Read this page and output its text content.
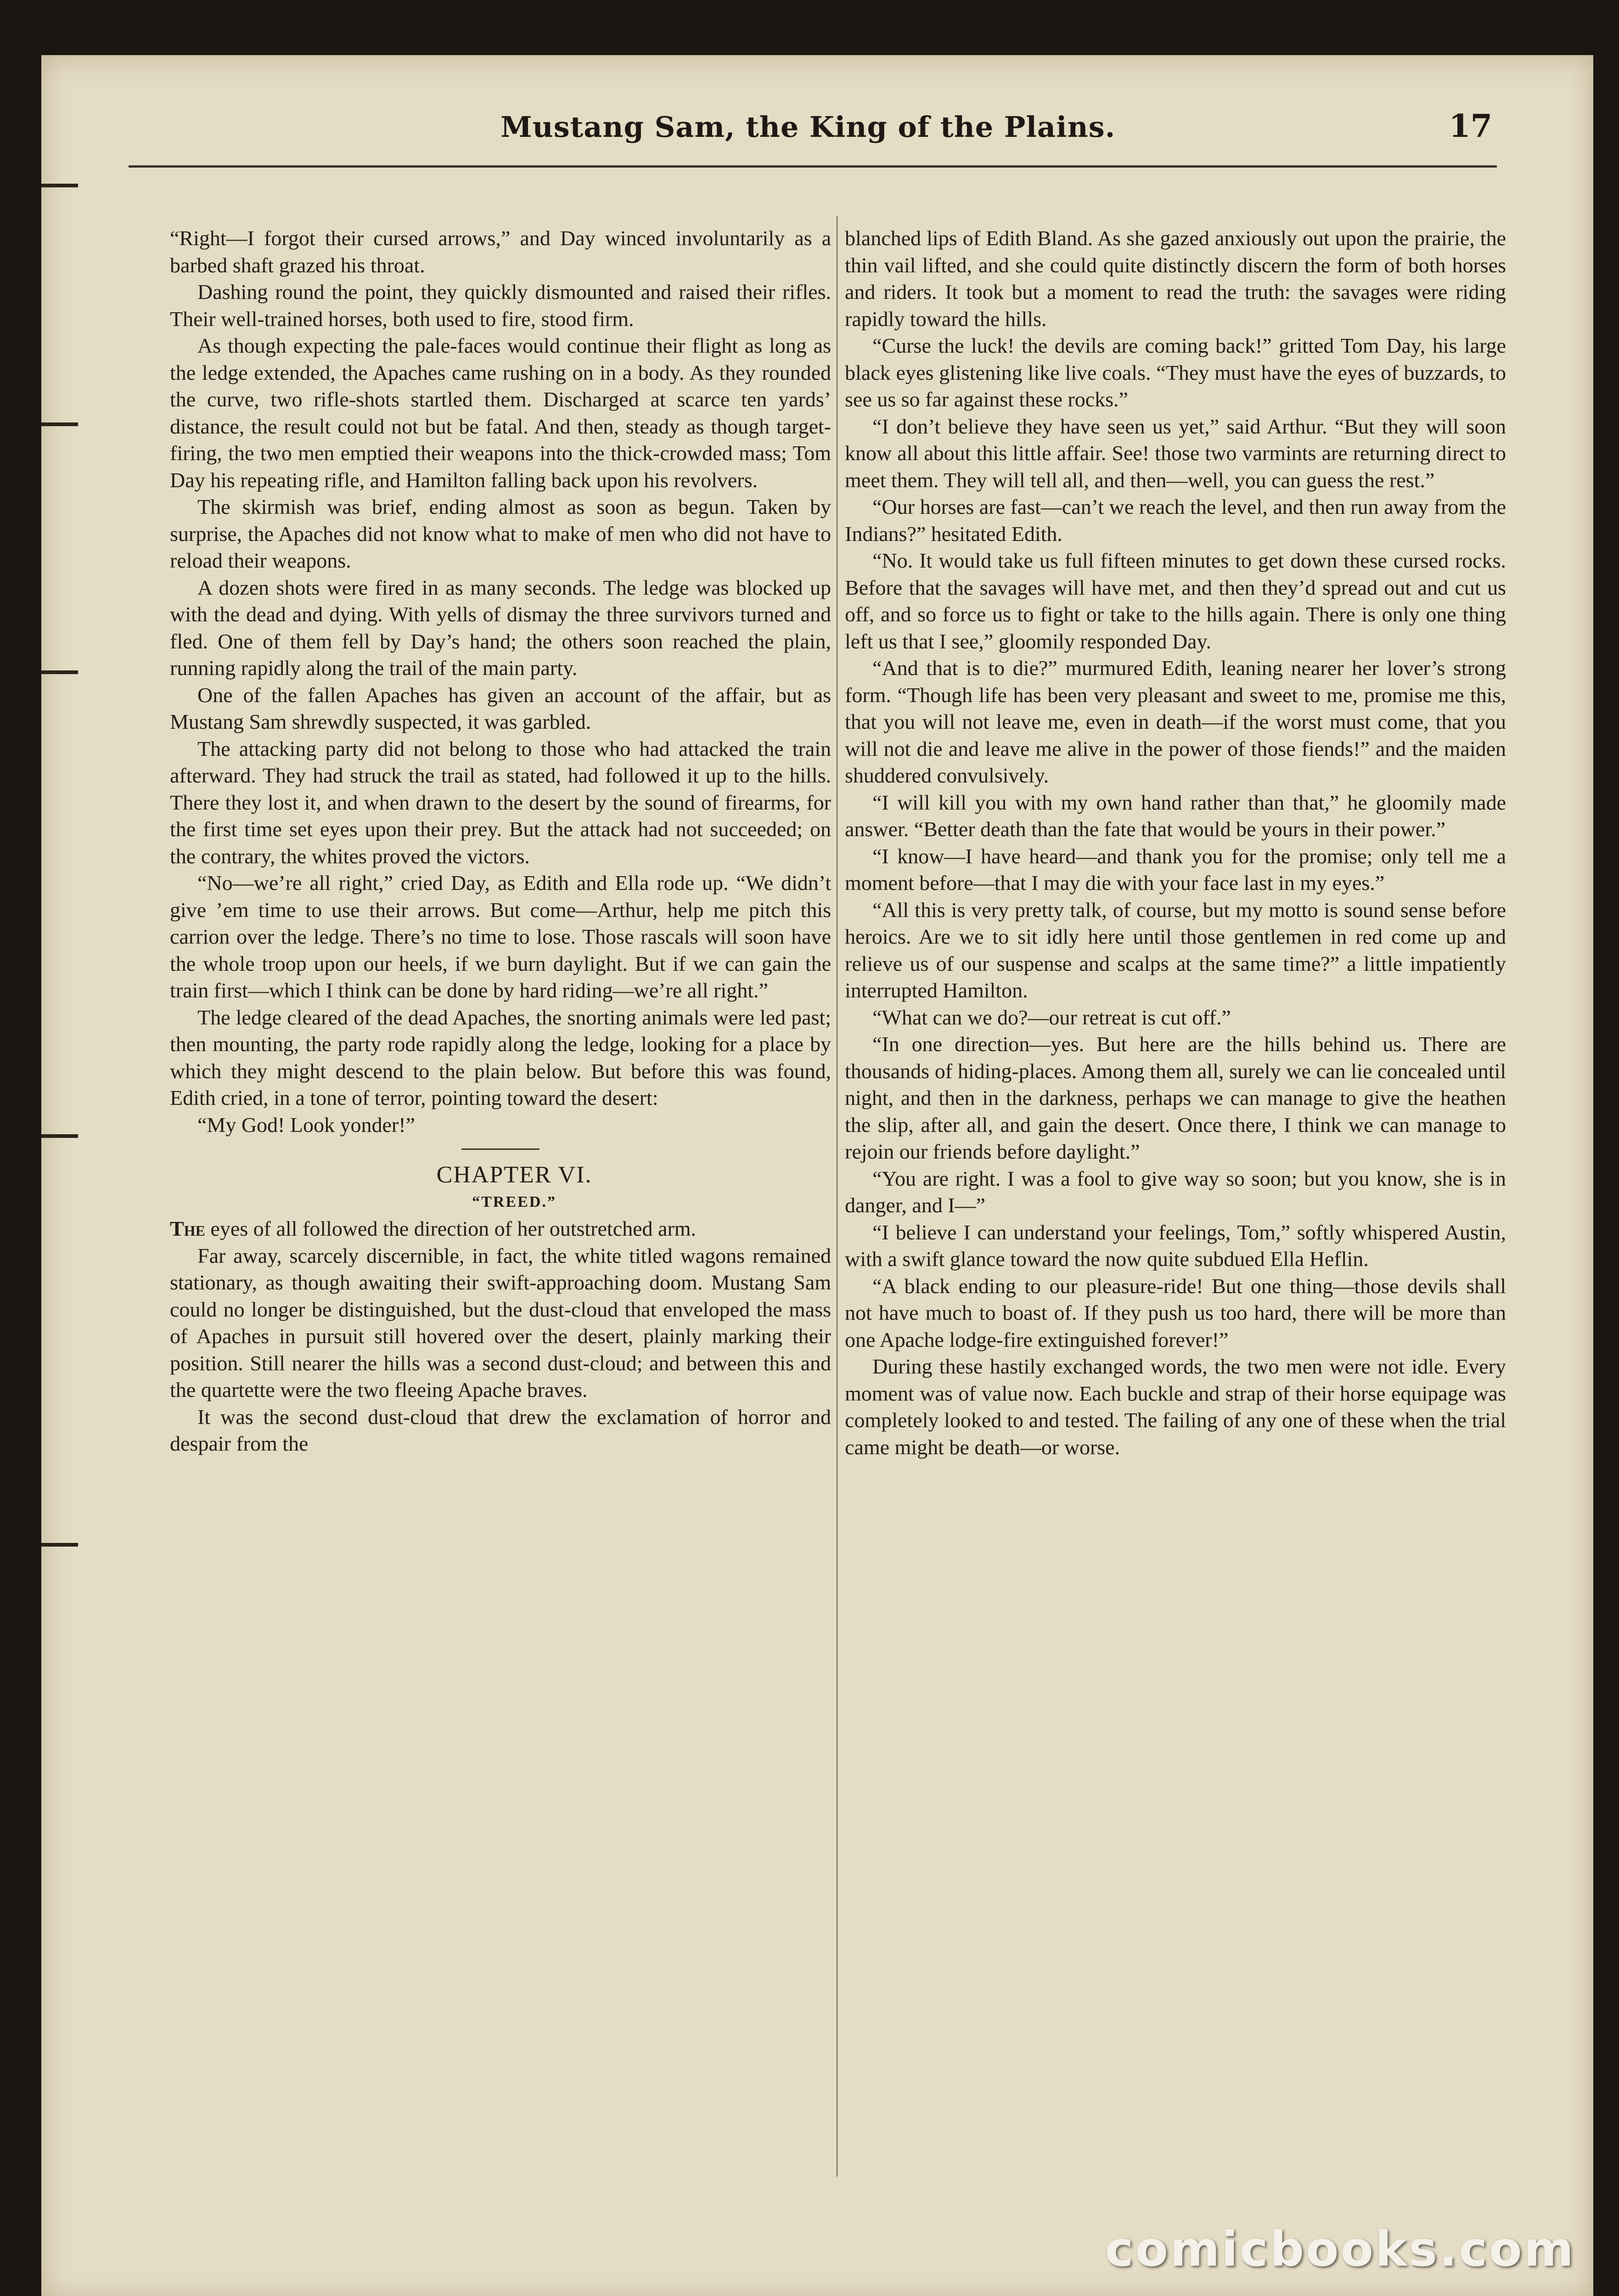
Mustang Sam, the King of the Plains.	17

“Right—I forgot their cursed arrows,” and Day winced involuntarily as a barbed shaft grazed his throat.

Dashing round the point, they quickly dismounted and raised their rifles. Their well-trained horses, both used to fire, stood firm.

As though expecting the pale-faces would continue their flight as long as the ledge extended, the Apaches came rushing on in a body. As they rounded the curve, two rifle-shots startled them. Discharged at scarce ten yards’ distance, the result could not but be fatal. And then, steady as though target-firing, the two men emptied their weapons into the thick-crowded mass; Tom Day his repeating rifle, and Hamilton falling back upon his revolvers.

The skirmish was brief, ending almost as soon as begun. Taken by surprise, the Apaches did not know what to make of men who did not have to reload their weapons.

A dozen shots were fired in as many seconds. The ledge was blocked up with the dead and dying. With yells of dismay the three survivors turned and fled. One of them fell by Day’s hand; the others soon reached the plain, running rapidly along the trail of the main party.

One of the fallen Apaches has given an account of the affair, but as Mustang Sam shrewdly suspected, it was garbled.

The attacking party did not belong to those who had attacked the train afterward. They had struck the trail as stated, had followed it up to the hills. There they lost it, and when drawn to the desert by the sound of firearms, for the first time set eyes upon their prey. But the attack had not succeeded; on the contrary, the whites proved the victors.

“No—we’re all right,” cried Day, as Edith and Ella rode up. “We didn’t give ’em time to use their arrows. But come—Arthur, help me pitch this carrion over the ledge. There’s no time to lose. Those rascals will soon have the whole troop upon our heels, if we burn daylight. But if we can gain the train first—which I think can be done by hard riding—we’re all right.”

The ledge cleared of the dead Apaches, the snorting animals were led past; then mounting, the party rode rapidly along the ledge, looking for a place by which they might descend to the plain below. But before this was found, Edith cried, in a tone of terror, pointing toward the desert:

“My God! Look yonder!”

CHAPTER VI.

“TREED.”

The eyes of all followed the direction of her outstretched arm.

Far away, scarcely discernible, in fact, the white titled wagons remained stationary, as though awaiting their swift-approaching doom. Mustang Sam could no longer be distinguished, but the dust-cloud that enveloped the mass of Apaches in pursuit still hovered over the desert, plainly marking their position. Still nearer the hills was a second dust-cloud; and between this and the quartette were the two fleeing Apache braves.

It was the second dust-cloud that drew the exclamation of horror and despair from the

blanched lips of Edith Bland. As she gazed anxiously out upon the prairie, the thin vail lifted, and she could quite distinctly discern the form of both horses and riders. It took but a moment to read the truth: the savages were riding rapidly toward the hills.

“Curse the luck! the devils are coming back!” gritted Tom Day, his large black eyes glistening like live coals. “They must have the eyes of buzzards, to see us so far against these rocks.”

“I don’t believe they have seen us yet,” said Arthur. “But they will soon know all about this little affair. See! those two varmints are returning direct to meet them. They will tell all, and then—well, you can guess the rest.”

“Our horses are fast—can’t we reach the level, and then run away from the Indians?” hesitated Edith.

“No. It would take us full fifteen minutes to get down these cursed rocks. Before that the savages will have met, and then they’d spread out and cut us off, and so force us to fight or take to the hills again. There is only one thing left us that I see,” gloomily responded Day.

“And that is to die?” murmured Edith, leaning nearer her lover’s strong form. “Though life has been very pleasant and sweet to me, promise me this, that you will not leave me, even in death—if the worst must come, that you will not die and leave me alive in the power of those fiends!” and the maiden shuddered convulsively.

“I will kill you with my own hand rather than that,” he gloomily made answer. “Better death than the fate that would be yours in their power.”

“I know—I have heard—and thank you for the promise; only tell me a moment before—that I may die with your face last in my eyes.”

“All this is very pretty talk, of course, but my motto is sound sense before heroics. Are we to sit idly here until those gentlemen in red come up and relieve us of our suspense and scalps at the same time?” a little impatiently interrupted Hamilton.

“What can we do?—our retreat is cut off.”

“In one direction—yes. But here are the hills behind us. There are thousands of hiding-places. Among them all, surely we can lie concealed until night, and then in the darkness, perhaps we can manage to give the heathen the slip, after all, and gain the desert. Once there, I think we can manage to rejoin our friends before daylight.”

“You are right. I was a fool to give way so soon; but you know, she is in danger, and I—”

“I believe I can understand your feelings, Tom,” softly whispered Austin, with a swift glance toward the now quite subdued Ella Heflin.

“A black ending to our pleasure-ride! But one thing—those devils shall not have much to boast of. If they push us too hard, there will be more than one Apache lodge-fire extinguished forever!”

During these hastily exchanged words, the two men were not idle. Every moment was of value now. Each buckle and strap of their horse equipage was completely looked to and tested. The failing of any one of these when the trial came might be death—or worse.

comicbooks.com
